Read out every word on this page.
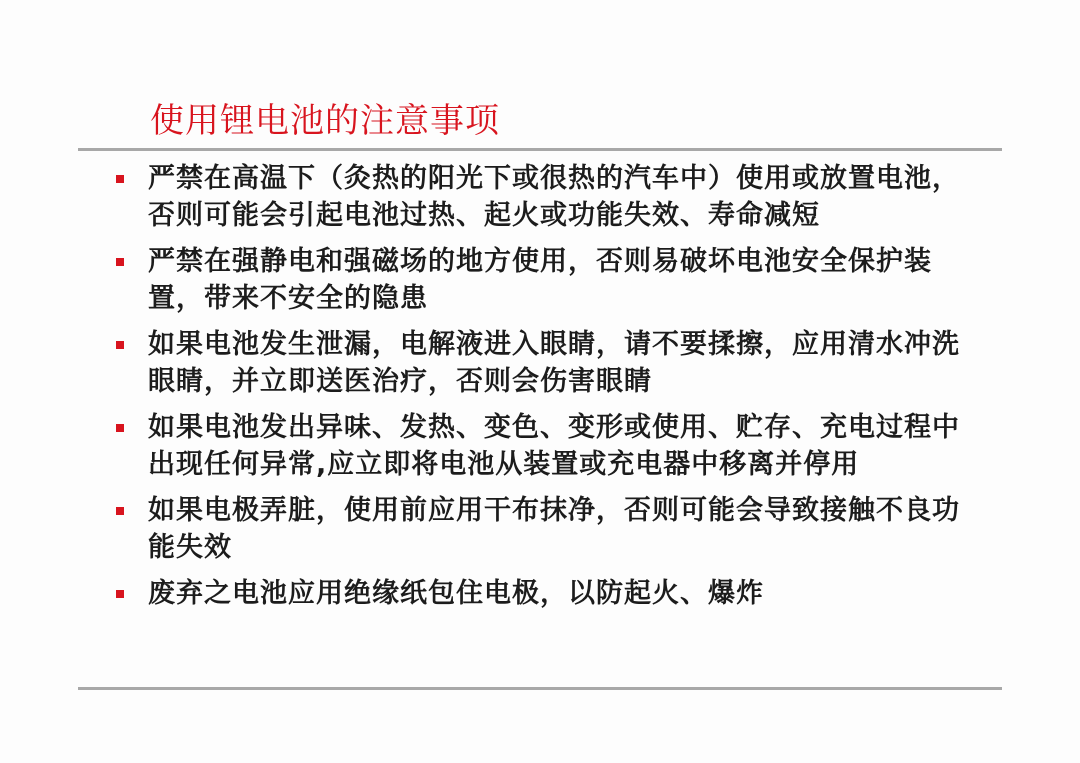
使用锂电池的注意事项
严禁在高温下（灸热的阳光下或很热的汽车中）使用或放置电池，否则可能会引起电池过热、起火或功能失效、寿命减短
严禁在强静电和强磁场的地方使用，否则易破坏电池安全保护装置，带来不安全的隐患
如果电池发生泄漏，电解液进入眼睛，请不要揉擦，应用清水冲洗眼睛，并立即送医治疗，否则会伤害眼睛
如果电池发出异味、发热、变色、变形或使用、贮存、充电过程中出现任何异常,应立即将电池从装置或充电器中移离并停用
如果电极弄脏，使用前应用干布抹净，否则可能会导致接触不良功能失效
废弃之电池应用绝缘纸包住电极，以防起火、爆炸
